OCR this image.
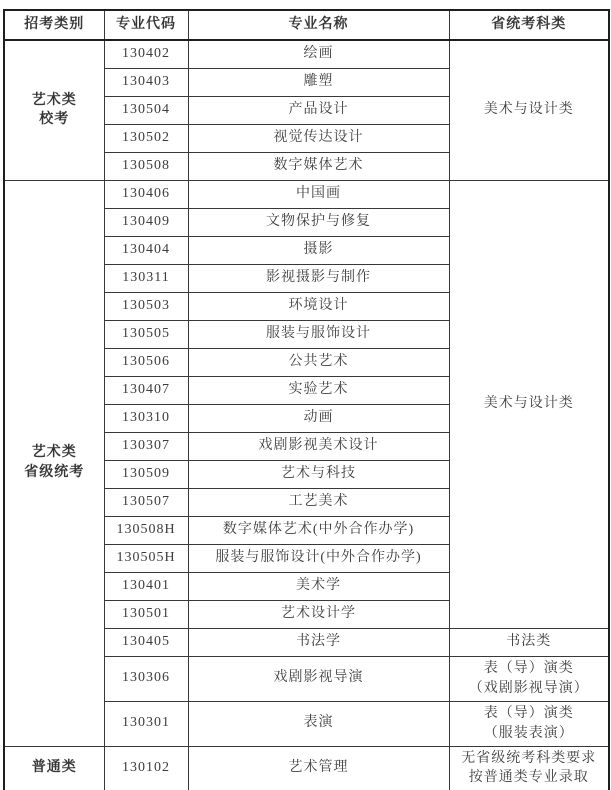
招考类别	专业代码	专业名称	省统考科类

艺术类
校考	130402	绘画	美术与设计类

	130403	雕塑	
	130504	产品设计	
	130502	视觉传达设计	
	130508	数字媒体艺术	

艺术类
省级统考	130406	中国画	美术与设计类

	130409	文物保护与修复	
	130404	摄影	
	130311	影视摄影与制作	
	130503	环境设计	
	130505	服装与服饰设计	
	130506	公共艺术	
	130407	实验艺术	
	130310	动画	
	130307	戏剧影视美术设计	
	130509	艺术与科技	
	130507	工艺美术	
	130508H	数字媒体艺术(中外合作办学)	
	130505H	服装与服饰设计(中外合作办学)	
	130401	美术学	
	130501	艺术设计学	
	130405	书法学	书法类

	130306	戏剧影视导演	表（导）演类
（戏剧影视导演）

	130301	表演	表（导）演类
（服装表演）

普通类	130102	艺术管理	无省级统考科类要求
按普通类专业录取
